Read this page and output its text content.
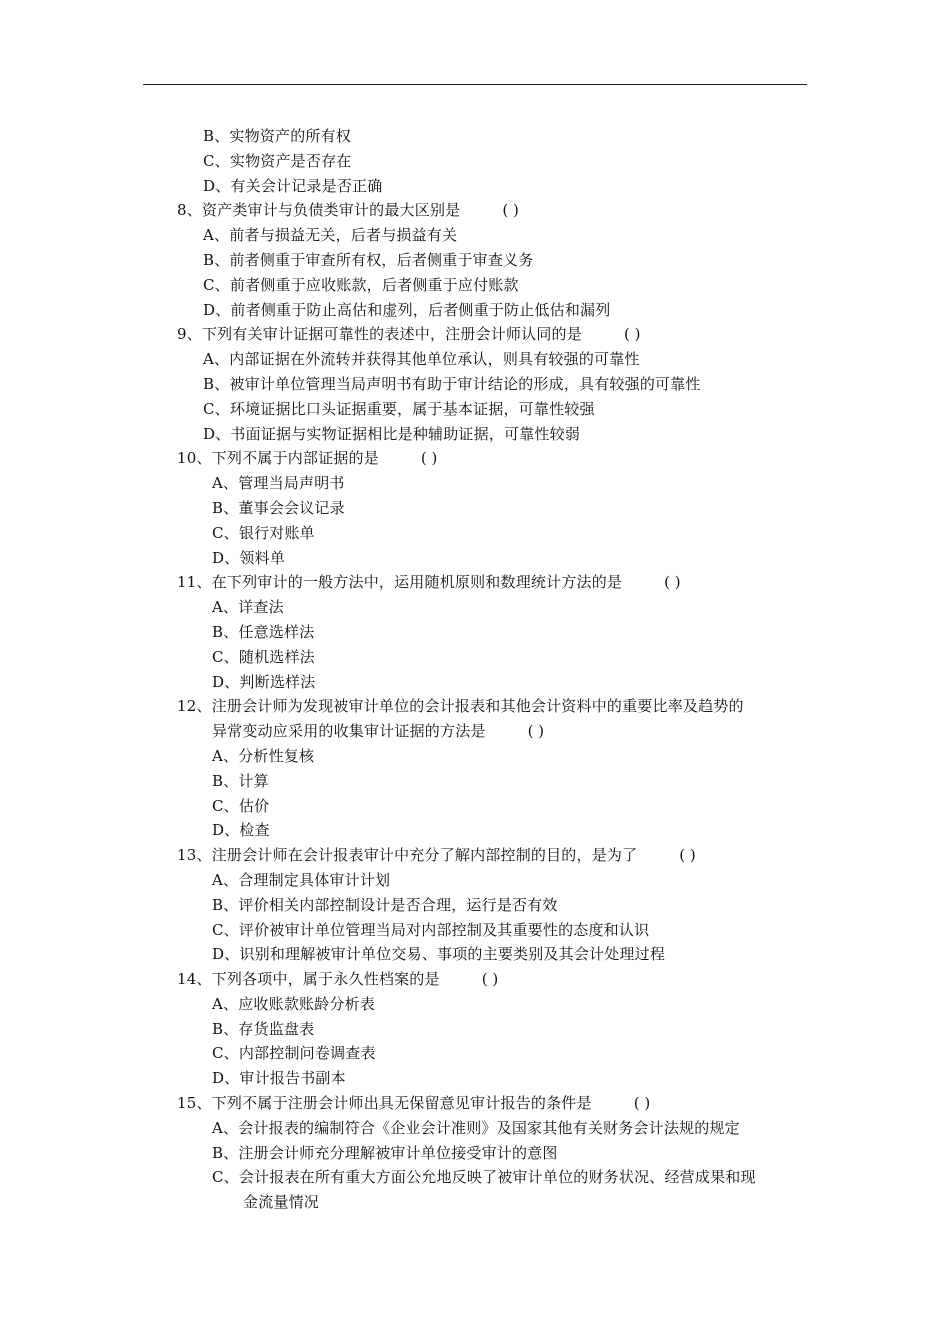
B、实物资产的所有权
C、实物资产是否存在
D、有关会计记录是否正确
8、资产类审计与负债类审计的最大区别是	( )
A、前者与损益无关，后者与损益有关
B、前者侧重于审查所有权，后者侧重于审查义务
C、前者侧重于应收账款，后者侧重于应付账款
D、前者侧重于防止高估和虚列，后者侧重于防止低估和漏列
9、下列有关审计证据可靠性的表述中，注册会计师认同的是	( )
A、内部证据在外流转并获得其他单位承认，则具有较强的可靠性
B、被审计单位管理当局声明书有助于审计结论的形成，具有较强的可靠性
C、环境证据比口头证据重要，属于基本证据，可靠性较强
D、书面证据与实物证据相比是种辅助证据，可靠性较弱
10、下列不属于内部证据的是	( )
A、管理当局声明书
B、董事会会议记录
C、银行对账单
D、领料单
11、在下列审计的一般方法中，运用随机原则和数理统计方法的是	( )
A、详查法
B、任意选样法
C、随机选样法
D、判断选样法
12、注册会计师为发现被审计单位的会计报表和其他会计资料中的重要比率及趋势的
异常变动应采用的收集审计证据的方法是	( )
A、分析性复核
B、计算
C、估价
D、检查
13、注册会计师在会计报表审计中充分了解内部控制的目的，是为了	( )
A、合理制定具体审计计划
B、评价相关内部控制设计是否合理，运行是否有效
C、评价被审计单位管理当局对内部控制及其重要性的态度和认识
D、识别和理解被审计单位交易、事项的主要类别及其会计处理过程
14、下列各项中，属于永久性档案的是	( )
A、应收账款账龄分析表
B、存货监盘表
C、内部控制问卷调查表
D、审计报告书副本
15、下列不属于注册会计师出具无保留意见审计报告的条件是	( )
A、会计报表的编制符合《企业会计准则》及国家其他有关财务会计法规的规定
B、注册会计师充分理解被审计单位接受审计的意图
C、会计报表在所有重大方面公允地反映了被审计单位的财务状况、经营成果和现
金流量情况
